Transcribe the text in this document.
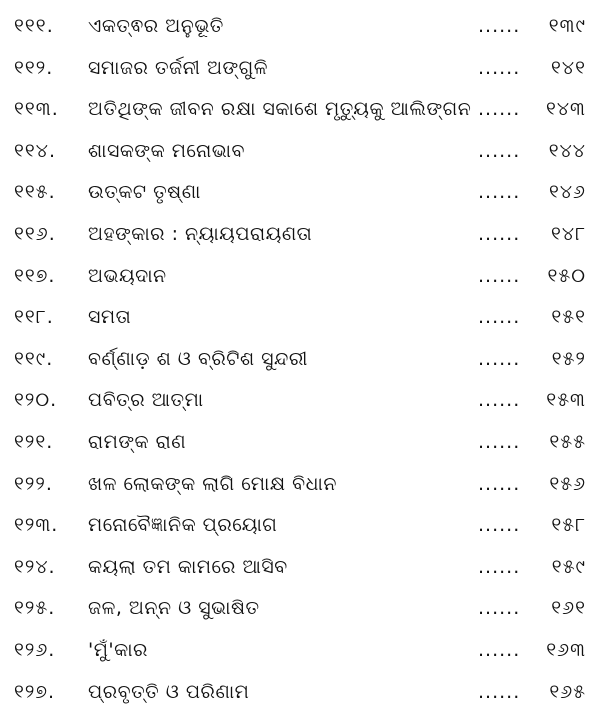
୧୧୧. ଏକତ୍ଵର ଅନୁଭୂତି	...... ୧୩୯
୧୧୨. ସମାଜର ତର୍ଜନୀ ଅଙ୍ଗୁଳି	...... ୧୪୧
୧୧୩. ଅତିଥିଙ୍କ ଜୀବନ ରକ୍ଷା ସକାଶେ ମୃତ୍ୟୁକୁ ଆଲିଙ୍ଗନ ...... ୧୪୩
୧୧୪. ଶାସକଙ୍କ ମନୋଭାବ	...... ୧୪୪
୧୧୫. ଉତ୍କଟ ତୃଷ୍ଣା	...... ୧୪୬
୧୧୬. ଅହଙ୍କାର : ନ୍ୟାୟପରାୟଣତା	...... ୧୪୮
୧୧୭. ଅଭୟଦାନ	...... ୧୫୦
୧୧୮. ସମତା	...... ୧୫୧
୧୧୯. ବର୍ଣ୍ଣାଡ଼ ଶ ଓ ବ୍ରିଟିଶ ସୁନ୍ଦରୀ	...... ୧୫୨
୧୨୦. ପବିତ୍ର ଆତ୍ମା	...... ୧୫୩
୧୨୧. ରାମଙ୍କ ରାଣ	...... ୧୫୫
୧୨୨. ଖଳ ଲୋକଙ୍କ ଲାଗି ମୋକ୍ଷ ବିଧାନ	...... ୧୫୬
୧୨୩. ମନୋବୈଜ୍ଞାନିକ ପ୍ରୟୋଗ	...... ୧୫୮
୧୨୪. କୟଲା ତମ କାମରେ ଆସିବ	...... ୧୫୯
୧୨୫. ଜଳ, ଅନ୍ନ ଓ ସୁଭାଷିତ	...... ୧୬୧
୧୨୬. 'ମୁଁ'କାର	...... ୧୬୩
୧୨୭. ପ୍ରବୃତ୍ତି ଓ ପରିଣାମ	...... ୧୬୫
